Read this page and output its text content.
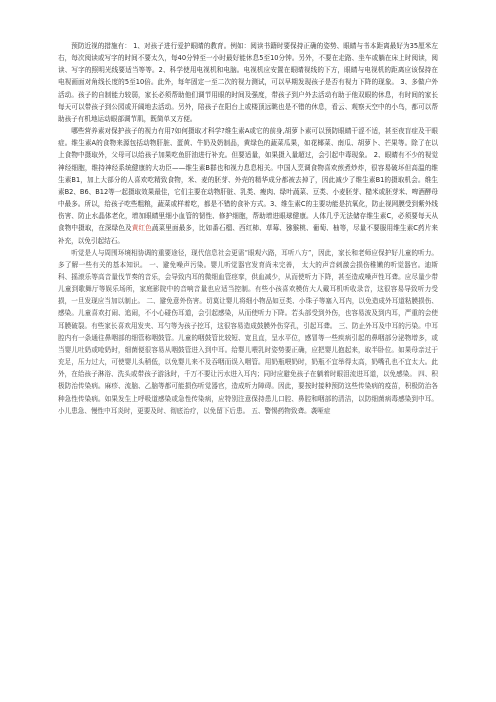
预防近视的措施有： 1、对孩子进行爱护眼睛的教育。例如：阅读书籍时要保持正确的姿势、眼睛与书本距离最好为35厘米左右，每次阅读或写字的时间不要太久，每40分钟至一小时最好能休息5至10分钟。另外，不要在走路、坐车或躺在床上时阅读，阅读、写字的照明光线要适当等等。2、科学使用电视机和电脑。电视机应安置在眼睛视线的下方，眼睛与电视机的距离应该保持在电视画面对角线长度的5至10倍。此外，每年固定一至二次的视力测试，可以早期发现孩子是否有视力下降的现象。 3、多做户外活动。孩子的自制能力较弱，家长必须帮助他们调节用眼的时间及强度，带孩子到户外去活动有助于他双眼的休息，有时间的家长每天可以带孩子到公园或开阔地去活动。另外，陪孩子在阳台上或楼顶远眺也是不错的休息，看云、观察天空中的小鸟，都可以帮助孩子有机地运动眼部调节肌，既简单又方便。

哪些营养素对保护孩子的视力有用?如何摄取才科学?维生素A或它的前身,胡萝卜素可以预防眼睛干涩不适，甚至夜盲症及干眼症。维生素A的食物来源包括动物肝脏、蛋黄、牛奶及奶制品，黄绿色的蔬菜瓜果，如花椰菜、南瓜、胡萝卜、芒果等。除了在以上食物中摄取外，父母可以给孩子加果吃鱼肝油进行补充。但要适量，如果摄入量超过，会引起中毒现象。 2、眼睛有不少的视觉神经细胞，维持神经系统健康的大功臣——维生素B群也和视力息息相关。中国人烹调食物喜欢煎煮炒炸，很容易破坏但高温的维生素B1，加上大部分的人喜欢吃精致食物，米、麦的胚芽、外壳的精华成分都被去掉了，因此减少了维生素B1的摄取机会。维生素B2、B6、B12等一起摄取效果最佳，它们主要在动物肝脏、乳类、瘦肉、绿叶蔬菜、豆类、小麦胚芽、糙米或胚芽米、啤酒酵母中最多。所以，给孩子吃些粗粮，蔬菜或样着吃，都是不错的食补方式。3、维生素C的主要功能是抗氧化，防止视网膜受到紫外线伤害、防止水晶体老化，增加眼睛里细小血管的韧性、修护细胞，帮助增进眼球健康。人体几乎无法储存维生素C，必须要每天从食物中摄取，在深绿色及黄红色蔬菜里面最多，比如番石榴、西红柿、草莓、猕猴桃、葡萄、柚等，尽量不要服用维生素C药片来补充，以免引起结石。

听觉是人与周围环境相协调的重要途径，现代信息社会更需“眼观六路，耳听八方”，因此，家长和老师应保护好儿童的听力。多了解一些有关的基本知识。 一、避免噪声污染。婴儿听觉器官发育尚未完善， 太大的声音刺激会损伤稚嫩的听觉器官。迪斯科、摇滚乐等高音量伐节奏的音乐，会导致内耳的微细血管痉挛，供血减少，从而使听力下降，甚至造成噪声性耳聋。应尽量少带儿童到歌舞厅等娱乐场所，家庭影院中的音响音量也应适当控制。有些小孩喜欢模仿大人戴耳机听收录音，这很容易导致听力受损，一旦发现应当加以制止。 二、避免意外伤害。切莫让婴儿将细小物品如豆类、小珠子等塞入耳内，以免造成外耳道粘膜损伤、感染。儿童喜欢打闹、追闹，不小心碰伤耳道，会引起感染，从而使听力下降。若头部受到外伤，也容易波及到内耳，严重的会使耳膜破裂。有些家长喜欢用发夹、耳勺等为孩子挖耳，这很容易造成鼓膜外伤穿孔，引起耳聋。 三、防止外耳及中耳的污染。中耳腔内有一条通往鼻咽部的细管称咽鼓管。儿童的咽鼓管比较短、宽且直，呈水平位，感冒等一些疾病引起的鼻咽部分泌物增多，或当婴儿吐奶或呛奶时，细菌便很容易从咽鼓管进入到中耳。给婴儿喂乳时姿势要正确，应把婴儿抱起来，取半卧位。如果母亲过于充足，压力过大，可使婴儿头稍低，以免婴儿来不及吞咽而误入咽管。用奶瓶喂奶时，奶瓶不宜举得太高，奶嘴孔也不宜太大。此外，在给孩子淋浴、洗头或带孩子游泳时，千万不要让污水进入耳内；同时应避免孩子在躺着时眼泪流进耳道，以免感染。 四、积极防治传染病。麻疹、流脑、乙脑等都可能损伤听觉器官，造成听力障碍。因此，要按时接种预防这些传染病的疫苗，积极防治各种急性传染病。如果发生上呼吸道感染或急性传染病，应特别注意保持患儿口腔、鼻腔和咽部的清洁，以防细菌病毒感染到中耳。小儿患急、慢性中耳炎时，更要及时、彻底治疗，以免留下后患。 五、警惕药物致聋。袭哑症
